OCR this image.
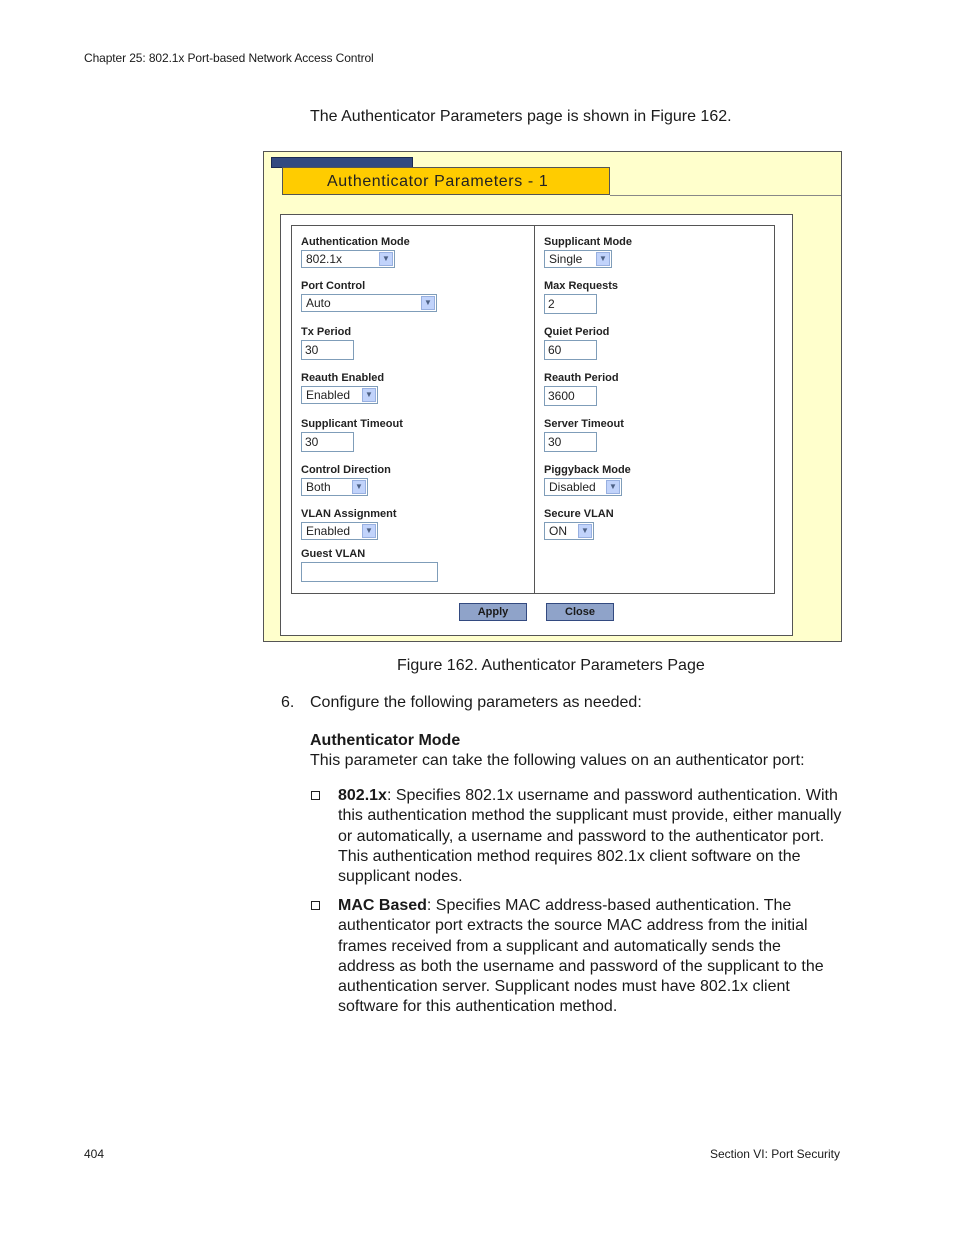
Chapter 25: 802.1x Port-based Network Access Control
The Authenticator Parameters page is shown in Figure 162.
Authenticator Parameters - 1
Authentication Mode
802.1x	▼
Port Control
Auto	▼
Tx Period
30
Reauth Enabled
Enabled	▼
Supplicant Timeout
30
Control Direction
Both	▼
VLAN Assignment
Enabled	▼
Guest VLAN
Supplicant Mode
Single	▼
Max Requests
2
Quiet Period
60
Reauth Period
3600
Server Timeout
30
Piggyback Mode
Disabled	▼
Secure VLAN
ON	▼
Apply	Close
Figure 162. Authenticator Parameters Page
6. Configure the following parameters as needed:
Authenticator Mode
This parameter can take the following values on an authenticator port:
802.1x: Specifies 802.1x username and password authentication. With this authentication method the supplicant must provide, either manually or automatically, a username and password to the authenticator port. This authentication method requires 802.1x client software on the supplicant nodes.
MAC Based: Specifies MAC address-based authentication. The authenticator port extracts the source MAC address from the initial frames received from a supplicant and automatically sends the address as both the username and password of the supplicant to the authentication server. Supplicant nodes must have 802.1x client software for this authentication method.
404	Section VI: Port Security
